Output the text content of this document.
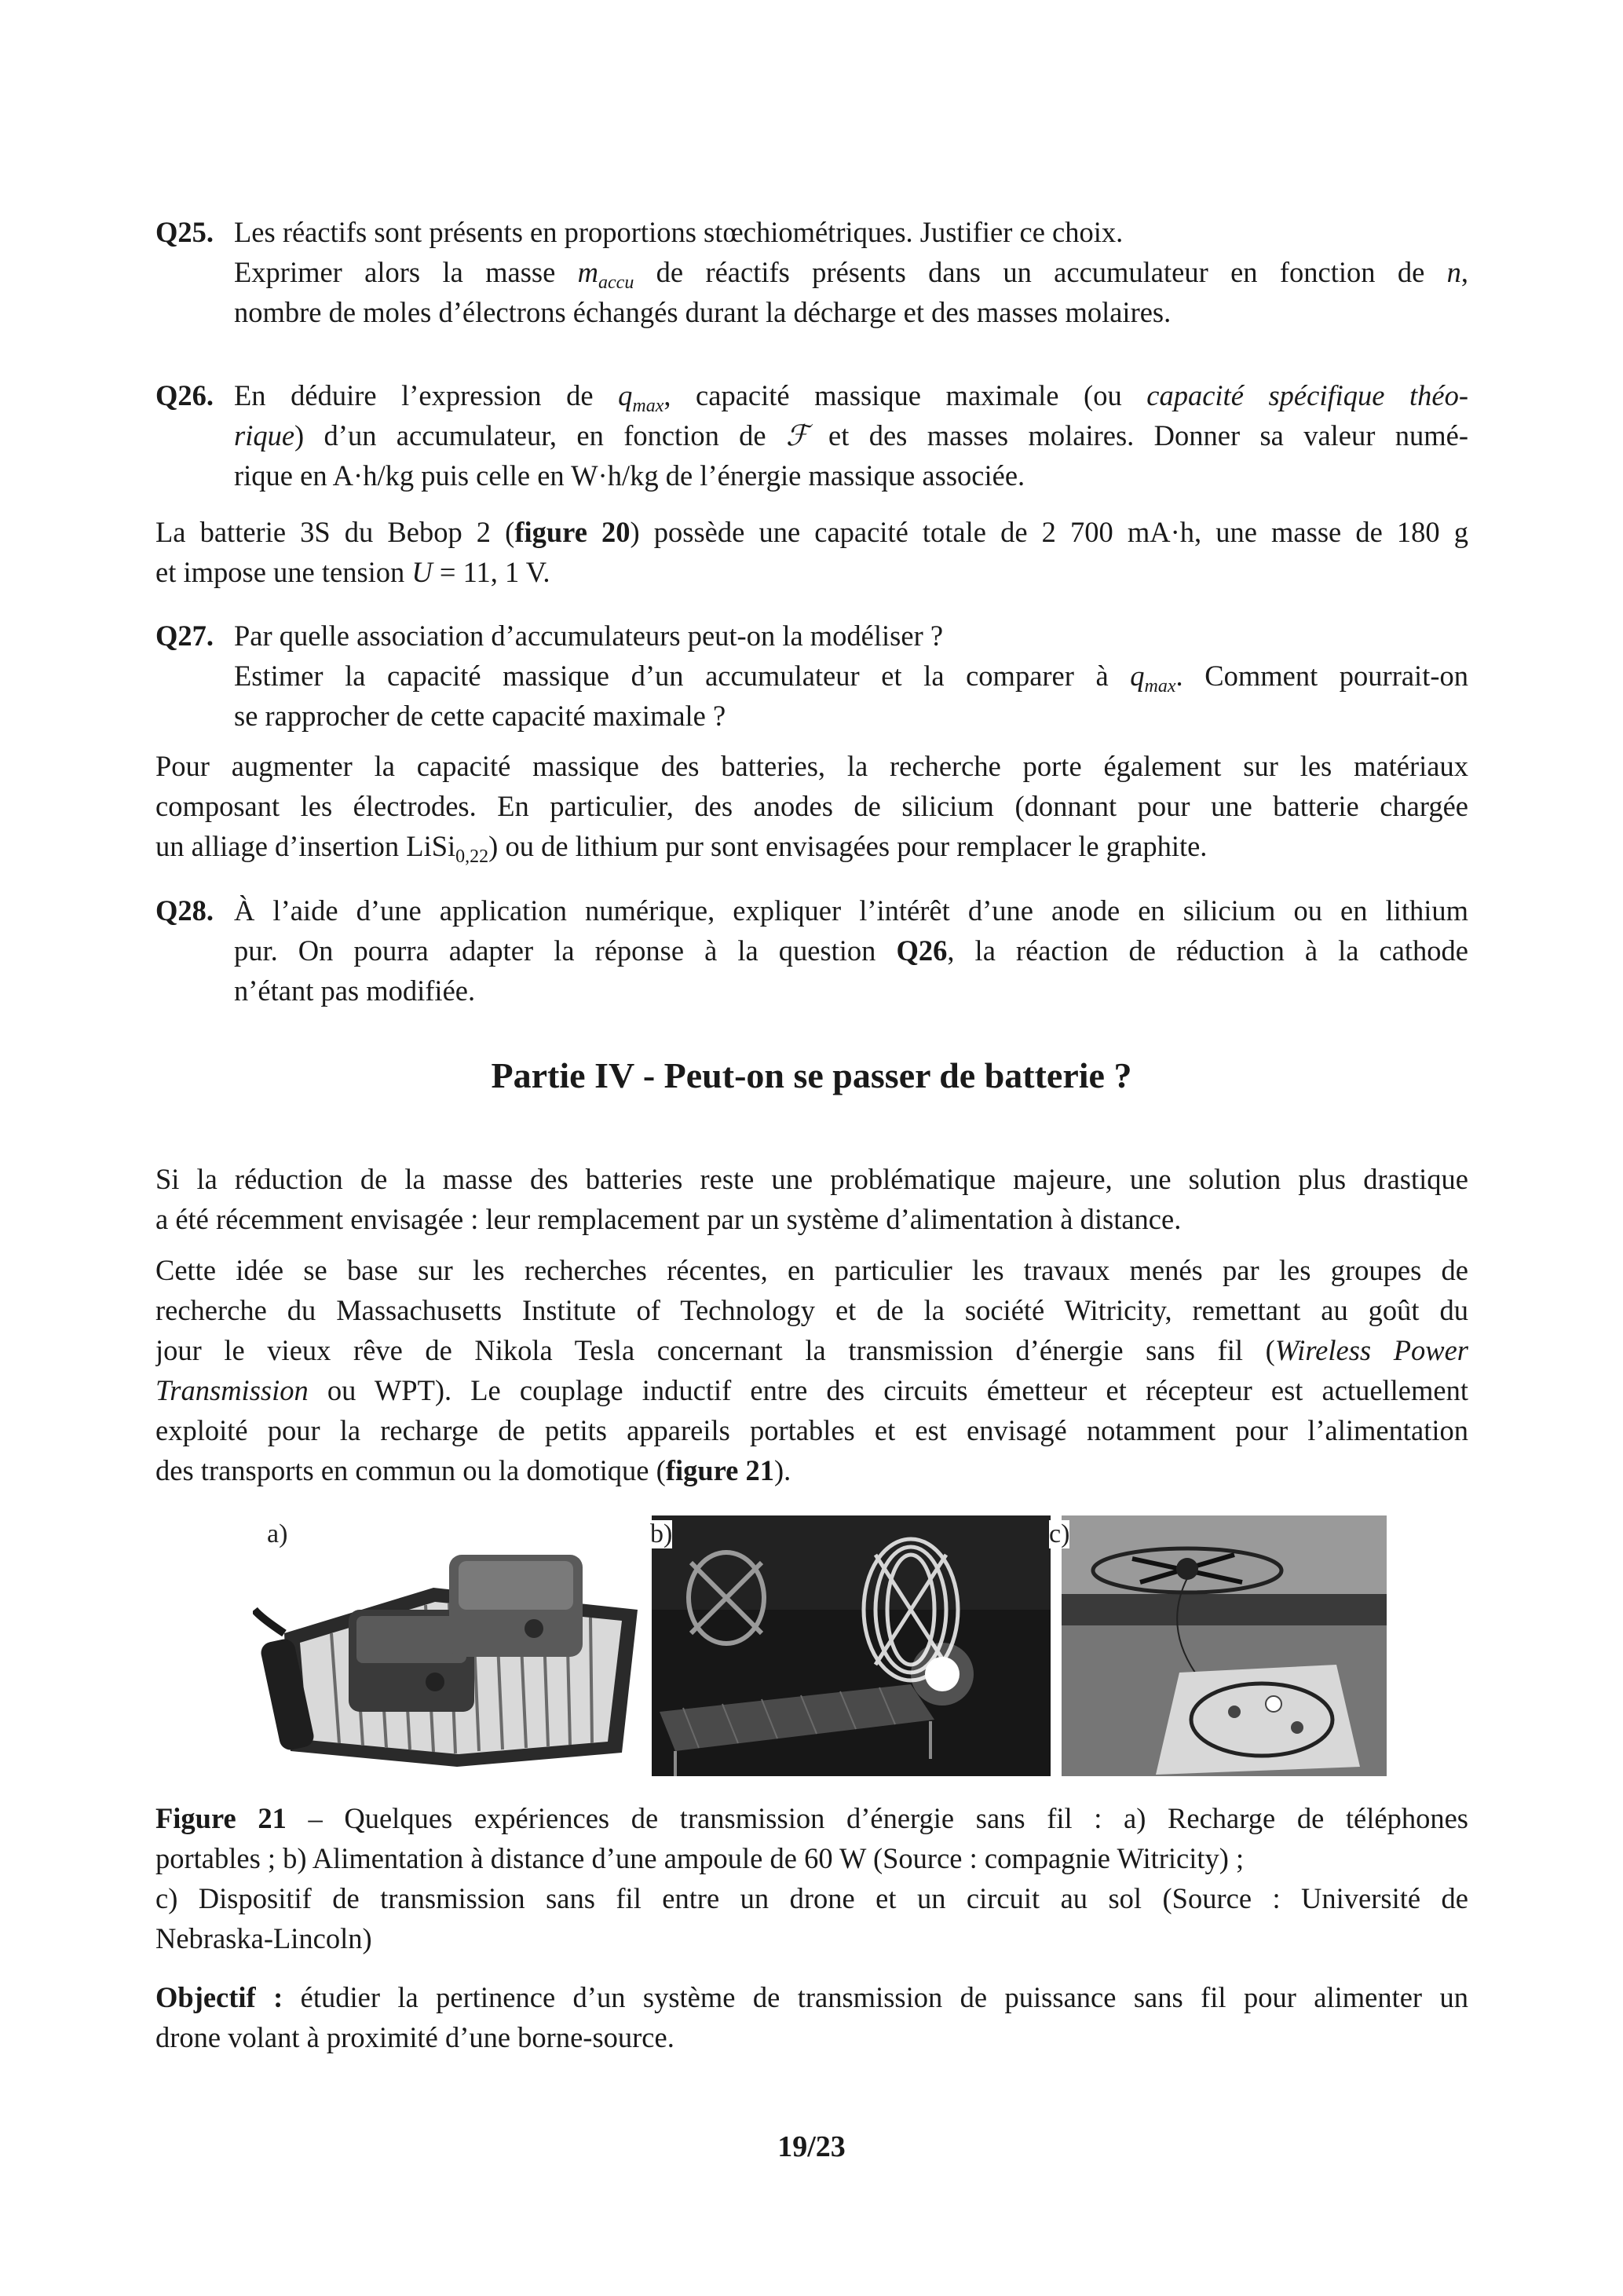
Q25. Les réactifs sont présents en proportions stœchiométriques. Justifier ce choix.
Exprimer alors la masse $m_{accu}$ de réactifs présents dans un accumulateur en fonction de n,
nombre de moles d’électrons échangés durant la décharge et des masses molaires.
Q26. En déduire l’expression de $q_{max}$, capacité massique maximale (ou capacité spécifique théo-
rique) d’un accumulateur, en fonction de ℱ et des masses molaires. Donner sa valeur numé-
rique en A·h/kg puis celle en W·h/kg de l’énergie massique associée.
La batterie 3S du Bebop 2 (figure 20) possède une capacité totale de 2 700 mA·h, une masse de 180 g
et impose une tension U = 11, 1 V.
Q27. Par quelle association d’accumulateurs peut-on la modéliser ?
Estimer la capacité massique d’un accumulateur et la comparer à $q_{max}$. Comment pourrait-on
se rapprocher de cette capacité maximale ?
Pour augmenter la capacité massique des batteries, la recherche porte également sur les matériaux
composant les électrodes. En particulier, des anodes de silicium (donnant pour une batterie chargée
un alliage d’insertion LiSi$_{0,22}$) ou de lithium pur sont envisagées pour remplacer le graphite.
Q28. À l’aide d’une application numérique, expliquer l’intérêt d’une anode en silicium ou en lithium
pur. On pourra adapter la réponse à la question Q26, la réaction de réduction à la cathode
n’étant pas modifiée.
Partie IV - Peut-on se passer de batterie ?
Si la réduction de la masse des batteries reste une problématique majeure, une solution plus drastique
a été récemment envisagée : leur remplacement par un système d’alimentation à distance.
Cette idée se base sur les recherches récentes, en particulier les travaux menés par les groupes de
recherche du Massachusetts Institute of Technology et de la société Witricity, remettant au goût du
jour le vieux rêve de Nikola Tesla concernant la transmission d’énergie sans fil (Wireless Power
Transmission ou WPT). Le couplage inductif entre des circuits émetteur et récepteur est actuellement
exploité pour la recharge de petits appareils portables et est envisagé notamment pour l’alimentation
des transports en commun ou la domotique (figure 21).
a)	b)	c)
Figure 21 – Quelques expériences de transmission d’énergie sans fil : a) Recharge de téléphones
portables ; b) Alimentation à distance d’une ampoule de 60 W (Source : compagnie Witricity) ;
c) Dispositif de transmission sans fil entre un drone et un circuit au sol (Source : Université de
Nebraska-Lincoln)
Objectif : étudier la pertinence d’un système de transmission de puissance sans fil pour alimenter un
drone volant à proximité d’une borne-source.
19/23
